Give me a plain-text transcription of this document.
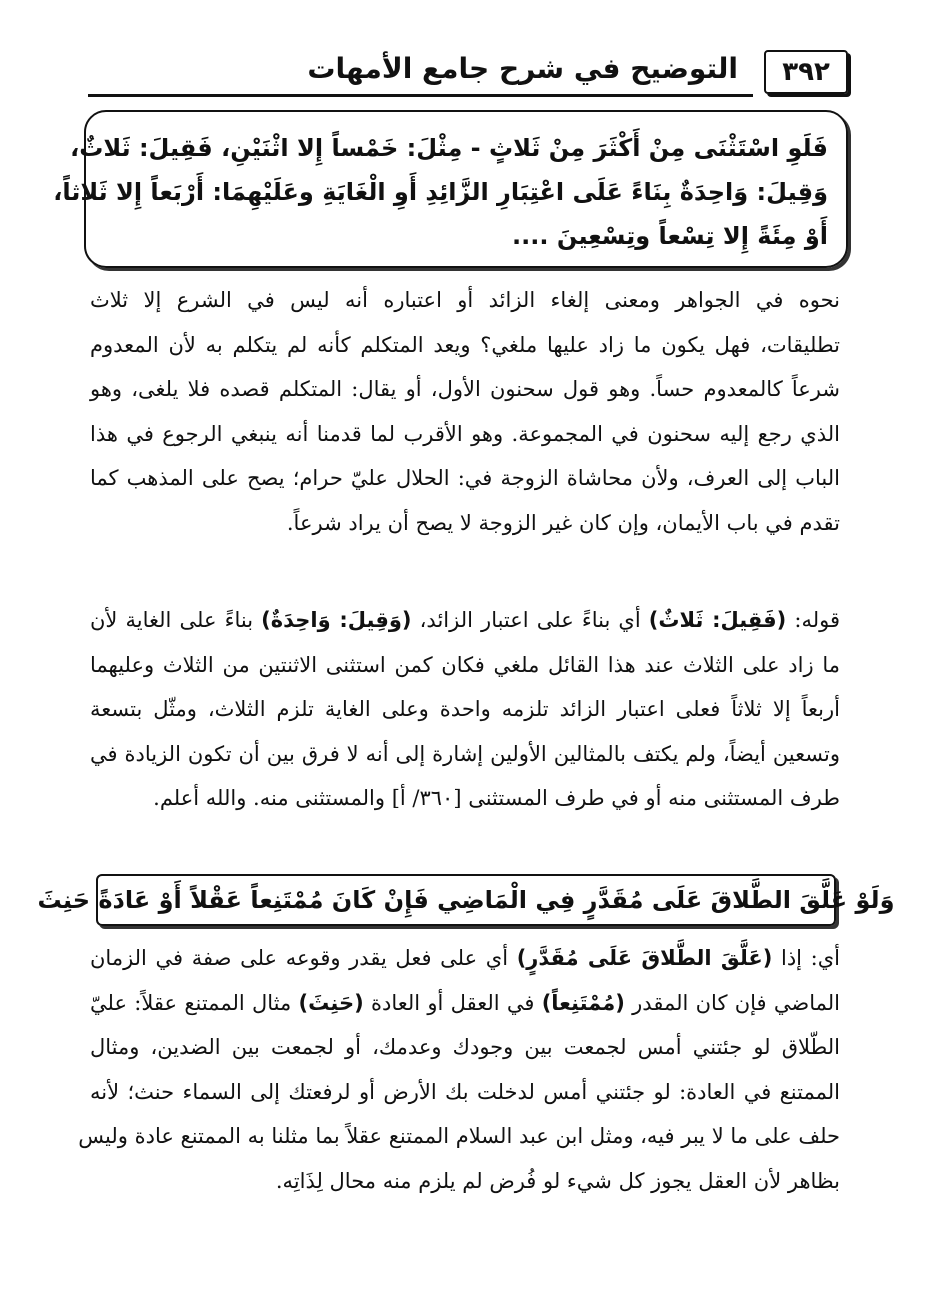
٣٩٢
التوضيح في شرح جامع الأمهات
فَلَوِ اسْتَثْنَى مِنْ أَكْثَرَ مِنْ ثَلاثٍ - مِثْلَ: خَمْساً إِلا اثْنَيْنِ، فَقِيلَ: ثَلاثٌ،
وَقِيلَ: وَاحِدَةٌ بِنَاءً عَلَى اعْتِبَارِ الزَّائِدِ أَوِ الْغَايَةِ وعَلَيْهِمَا: أَرْبَعاً إِلا ثَلاثاً،
أَوْ مِئَةً إِلا تِسْعاً وتِسْعِينَ ....
نحوه في الجواهر ومعنى إلغاء الزائد أو اعتباره أنه ليس في الشرع إلا ثلاث
تطليقات، فهل يكون ما زاد عليها ملغي؟ ويعد المتكلم كأنه لم يتكلم به لأن المعدوم
شرعاً كالمعدوم حساً. وهو قول سحنون الأول، أو يقال: المتكلم قصده فلا يلغى، وهو
الذي رجع إليه سحنون في المجموعة. وهو الأقرب لما قدمنا أنه ينبغي الرجوع في هذا
الباب إلى العرف، ولأن محاشاة الزوجة في: الحلال عليّ حرام؛ يصح على المذهب كما
تقدم في باب الأيمان، وإن كان غير الزوجة لا يصح أن يراد شرعاً.
قوله: (فَقِيلَ: ثَلاثٌ) أي بناءً على اعتبار الزائد، (وَقِيلَ: وَاحِدَةٌ) بناءً على الغاية لأن
ما زاد على الثلاث عند هذا القائل ملغي فكان كمن استثنى الاثنتين من الثلاث وعليهما
أربعاً إلا ثلاثاً فعلى اعتبار الزائد تلزمه واحدة وعلى الغاية تلزم الثلاث، ومثّل بتسعة
وتسعين أيضاً، ولم يكتف بالمثالين الأولين إشارة إلى أنه لا فرق بين أن تكون الزيادة في
طرف المستثنى منه أو في طرف المستثنى [٣٦٠/ أ] والمستثنى منه. والله أعلم.
وَلَوْ عَلَّقَ الطَّلاقَ عَلَى مُقَدَّرٍ فِي الْمَاضِي فَإِنْ كَانَ مُمْتَنِعاً عَقْلاً أَوْ عَادَةً حَنِثَ
أي: إذا (عَلَّقَ الطَّلاقَ عَلَى مُقَدَّرٍ) أي على فعل يقدر وقوعه على صفة في الزمان
الماضي فإن كان المقدر (مُمْتَنِعاً) في العقل أو العادة (حَنِثَ) مثال الممتنع عقلاً: عليّ
الطّلاق لو جئتني أمس لجمعت بين وجودك وعدمك، أو لجمعت بين الضدين، ومثال
الممتنع في العادة: لو جئتني أمس لدخلت بك الأرض أو لرفعتك إلى السماء حنث؛ لأنه
حلف على ما لا يبر فيه، ومثل ابن عبد السلام الممتنع عقلاً بما مثلنا به الممتنع عادة وليس
بظاهر لأن العقل يجوز كل شيء لو فُرض لم يلزم منه محال لِذَاتِه.
